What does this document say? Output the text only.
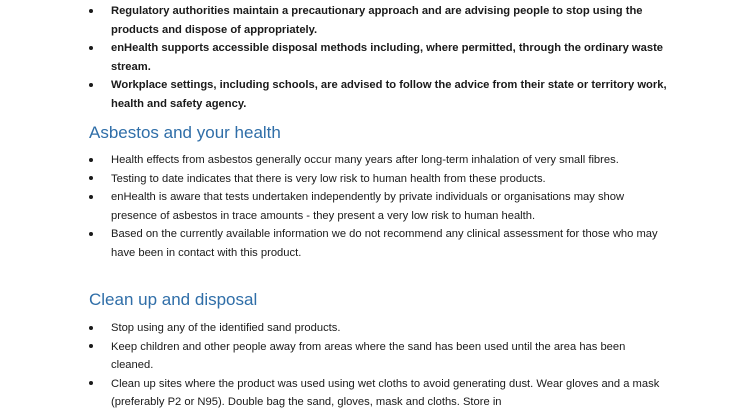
Regulatory authorities maintain a precautionary approach and are advising people to stop using the products and dispose of appropriately.
enHealth supports accessible disposal methods including, where permitted, through the ordinary waste stream.
Workplace settings, including schools, are advised to follow the advice from their state or territory work, health and safety agency.
Asbestos and your health
Health effects from asbestos generally occur many years after long-term inhalation of very small fibres.
Testing to date indicates that there is very low risk to human health from these products.
enHealth is aware that tests undertaken independently by private individuals or organisations may show presence of asbestos in trace amounts - they present a very low risk to human health.
Based on the currently available information we do not recommend any clinical assessment for those who may have been in contact with this product.
Clean up and disposal
Stop using any of the identified sand products.
Keep children and other people away from areas where the sand has been used until the area has been cleaned.
Clean up sites where the product was used using wet cloths to avoid generating dust. Wear gloves and a mask (preferably P2 or N95). Double bag the sand, gloves, mask and cloths. Store in
